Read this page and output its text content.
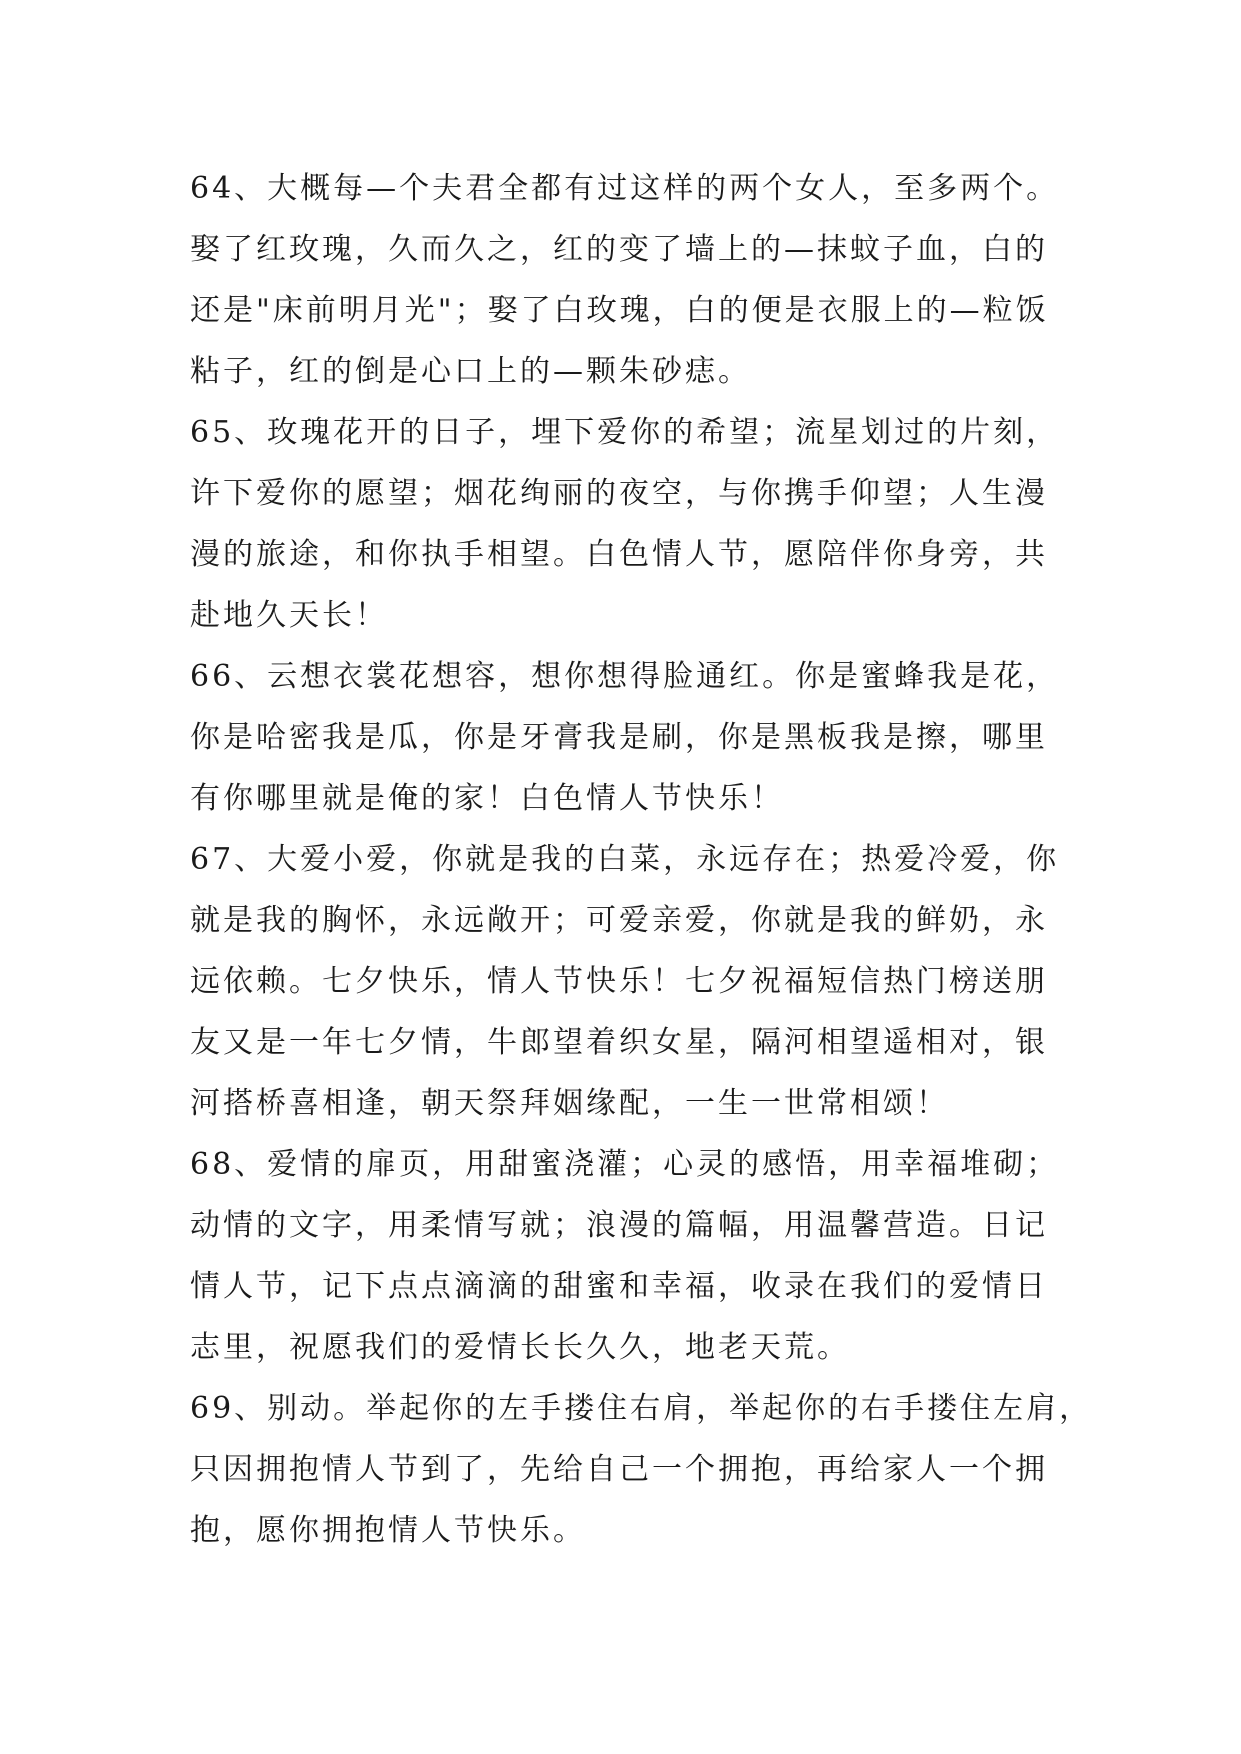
64、大概每—个夫君全都有过这样的两个女人，至多两个。
娶了红玫瑰，久而久之，红的变了墙上的—抹蚊子血，白的
还是"床前明月光"；娶了白玫瑰，白的便是衣服上的—粒饭
粘子，红的倒是心口上的—颗朱砂痣。
65、玫瑰花开的日子，埋下爱你的希望；流星划过的片刻，
许下爱你的愿望；烟花绚丽的夜空，与你携手仰望；人生漫
漫的旅途，和你执手相望。白色情人节，愿陪伴你身旁，共
赴地久天长！
66、云想衣裳花想容，想你想得脸通红。你是蜜蜂我是花，
你是哈密我是瓜，你是牙膏我是刷，你是黑板我是擦，哪里
有你哪里就是俺的家！白色情人节快乐！
67、大爱小爱，你就是我的白菜，永远存在；热爱冷爱，你
就是我的胸怀，永远敞开；可爱亲爱，你就是我的鲜奶，永
远依赖。七夕快乐，情人节快乐！七夕祝福短信热门榜送朋
友又是一年七夕情，牛郎望着织女星，隔河相望遥相对，银
河搭桥喜相逢，朝天祭拜姻缘配，一生一世常相颂！
68、爱情的扉页，用甜蜜浇灌；心灵的感悟，用幸福堆砌；
动情的文字，用柔情写就；浪漫的篇幅，用温馨营造。日记
情人节，记下点点滴滴的甜蜜和幸福，收录在我们的爱情日
志里，祝愿我们的爱情长长久久，地老天荒。
69、别动。举起你的左手搂住右肩，举起你的右手搂住左肩，
只因拥抱情人节到了，先给自己一个拥抱，再给家人一个拥
抱，愿你拥抱情人节快乐。
